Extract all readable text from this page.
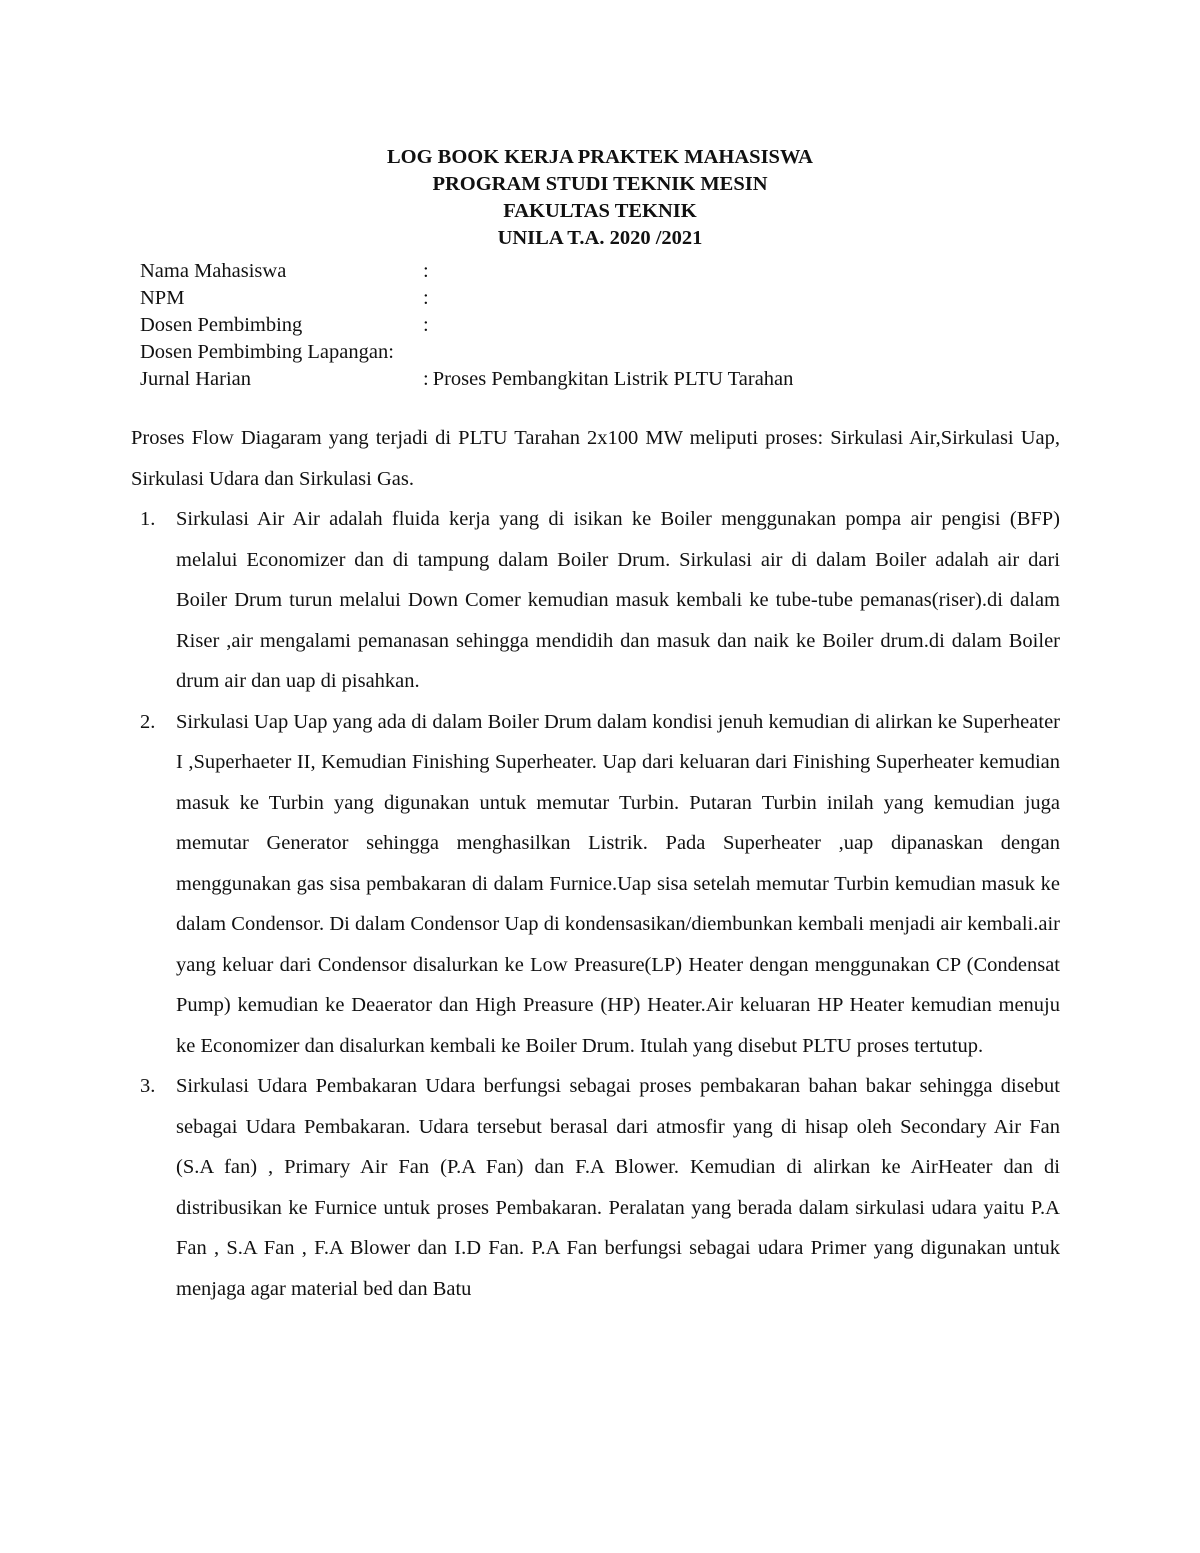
LOG BOOK KERJA PRAKTEK MAHASISWA
PROGRAM STUDI TEKNIK MESIN
FAKULTAS TEKNIK
UNILA T.A. 2020 /2021
Nama Mahasiswa	:
NPM	:
Dosen Pembimbing	:
Dosen Pembimbing Lapangan:
Jurnal Harian	: Proses Pembangkitan Listrik PLTU Tarahan

Proses Flow Diagaram yang terjadi di PLTU Tarahan 2x100 MW meliputi proses: Sirkulasi Air,Sirkulasi Uap, Sirkulasi Udara dan Sirkulasi Gas.

1. Sirkulasi Air Air adalah fluida kerja yang di isikan ke Boiler menggunakan pompa air pengisi (BFP) melalui Economizer dan di tampung dalam Boiler Drum. Sirkulasi air di dalam Boiler adalah air dari Boiler Drum turun melalui Down Comer kemudian masuk kembali ke tube-tube pemanas(riser).di dalam Riser ,air mengalami pemanasan sehingga mendidih dan masuk dan naik ke Boiler drum.di dalam Boiler drum air dan uap di pisahkan.
2. Sirkulasi Uap Uap yang ada di dalam Boiler Drum dalam kondisi jenuh kemudian di alirkan ke Superheater I ,Superhaeter II, Kemudian Finishing Superheater. Uap dari keluaran dari Finishing Superheater kemudian masuk ke Turbin yang digunakan untuk memutar Turbin. Putaran Turbin inilah yang kemudian juga memutar Generator sehingga menghasilkan Listrik. Pada Superheater ,uap dipanaskan dengan menggunakan gas sisa pembakaran di dalam Furnice.Uap sisa setelah memutar Turbin kemudian masuk ke dalam Condensor. Di dalam Condensor Uap di kondensasikan/diembunkan kembali menjadi air kembali.air yang keluar dari Condensor disalurkan ke Low Preasure(LP) Heater dengan menggunakan CP (Condensat Pump) kemudian ke Deaerator dan High Preasure (HP) Heater.Air keluaran HP Heater kemudian menuju ke Economizer dan disalurkan kembali ke Boiler Drum. Itulah yang disebut PLTU proses tertutup.
3. Sirkulasi Udara Pembakaran Udara berfungsi sebagai proses pembakaran bahan bakar sehingga disebut sebagai Udara Pembakaran. Udara tersebut berasal dari atmosfir yang di hisap oleh Secondary Air Fan (S.A fan) , Primary Air Fan (P.A Fan) dan F.A Blower. Kemudian di alirkan ke AirHeater dan di distribusikan ke Furnice untuk proses Pembakaran. Peralatan yang berada dalam sirkulasi udara yaitu P.A Fan , S.A Fan , F.A Blower dan I.D Fan. P.A Fan berfungsi sebagai udara Primer yang digunakan untuk menjaga agar material bed dan Batu
